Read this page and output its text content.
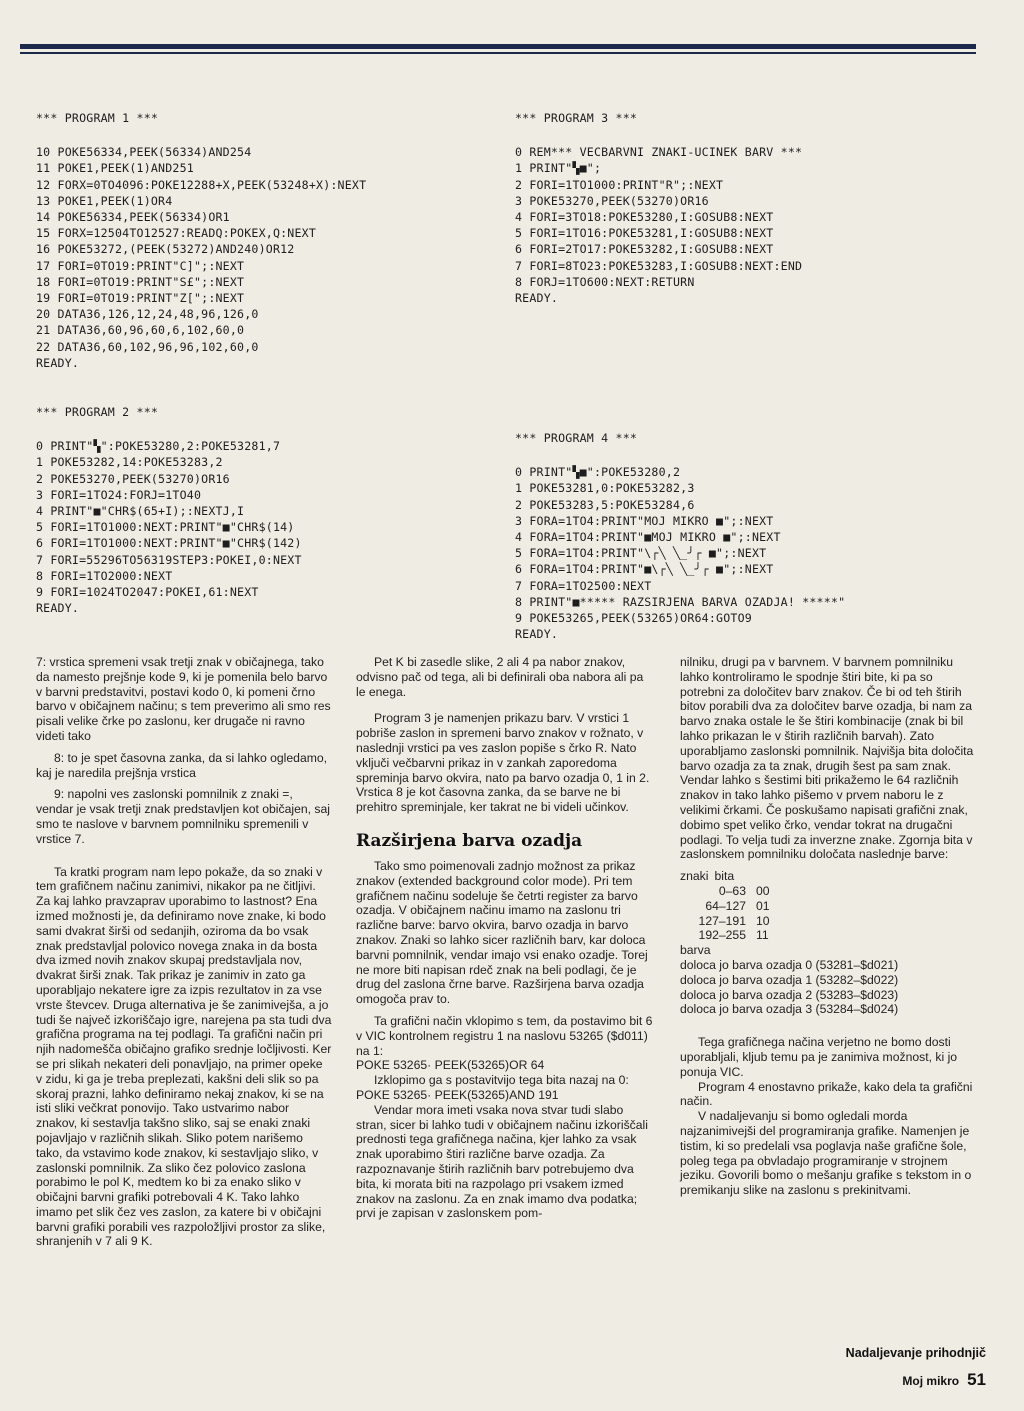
*** PROGRAM 1 ***
10 POKE56334,PEEK(56334)AND254
11 POKE1,PEEK(1)AND251
12 FORX=0TO4096:POKE12288+X,PEEK(53248+X):NEXT
13 POKE1,PEEK(1)OR4
14 POKE56334,PEEK(56334)OR1
15 FORX=12504TO12527:READQ:POKEX,Q:NEXT
16 POKE53272,(PEEK(53272)AND240)OR12
17 FORI=0TO19:PRINT"C]";:NEXT
18 FORI=0TO19:PRINT"S£";:NEXT
19 FORI=0TO19:PRINT"Z[";:NEXT
20 DATA36,126,12,24,48,96,126,0
21 DATA36,60,96,60,6,102,60,0
22 DATA36,60,102,96,96,102,60,0
READY.
*** PROGRAM 2 ***
0 PRINT"▚":POKE53280,2:POKE53281,7
1 POKE53282,14:POKE53283,2
2 POKE53270,PEEK(53270)OR16
3 FORI=1TO24:FORJ=1TO40
4 PRINT"■"CHR$(65+I);:NEXTJ,I
5 FORI=1TO1000:NEXT:PRINT"■"CHR$(14)
6 FORI=1TO1000:NEXT:PRINT"■"CHR$(142)
7 FORI=55296TO56319STEP3:POKEI,0:NEXT
8 FORI=1TO2000:NEXT
9 FORI=1024TO2047:POKEI,61:NEXT
READY.
*** PROGRAM 3 ***
0 REM*** VECBARVNI ZNAKI-UCINEK BARV ***
1 PRINT"▚■";
2 FORI=1TO1000:PRINT"R";:NEXT
3 POKE53270,PEEK(53270)OR16
4 FORI=3TO18:POKE53280,I:GOSUB8:NEXT
5 FORI=1TO16:POKE53281,I:GOSUB8:NEXT
6 FORI=2TO17:POKE53282,I:GOSUB8:NEXT
7 FORI=8TO23:POKE53283,I:GOSUB8:NEXT:END
8 FORJ=1TO600:NEXT:RETURN
READY.
*** PROGRAM 4 ***
0 PRINT"▚■":POKE53280,2
1 POKE53281,0:POKE53282,3
2 POKE53283,5:POKE53284,6
3 FORA=1TO4:PRINT"MOJ MIKRO ■";:NEXT
4 FORA=1TO4:PRINT"■MOJ MIKRO ■";:NEXT
5 FORA=1TO4:PRINT"\┌╲ ╲_╯┌ ■";:NEXT
6 FORA=1TO4:PRINT"■\┌╲ ╲_╯┌ ■";:NEXT
7 FORA=1TO2500:NEXT
8 PRINT"■***** RAZSIRJENA BARVA OZADJA! *****"
9 POKE53265,PEEK(53265)OR64:GOTO9
READY.

7: vrstica spremeni vsak tretji znak v običajnega, tako da namesto prejšnje kode 9, ki je pomenila belo barvo v barvni predstavitvi, postavi kodo 0, ki pomeni črno barvo v običajnem načinu; s tem preverimo ali smo res pisali velike črke po zaslonu, ker drugače ni ravno videti tako

8: to je spet časovna zanka, da si lahko ogledamo, kaj je naredila prejšnja vrstica

9: napolni ves zaslonski pomnilnik z znaki =, vendar je vsak tretji znak predstavljen kot običajen, saj smo te naslove v barvnem pomnilniku spremenili v vrstice 7.

Ta kratki program nam lepo pokaže, da so znaki v tem grafičnem načinu zanimivi, nikakor pa ne čitljivi. Za kaj lahko pravzaprav uporabimo to lastnost? Ena izmed možnosti je, da definiramo nove znake, ki bodo sami dvakrat širši od sedanjih, oziroma da bo vsak znak predstavljal polovico novega znaka in da bosta dva izmed novih znakov skupaj predstavljala nov, dvakrat širši znak. Tak prikaz je zanimiv in zato ga uporabljajo nekatere igre za izpis rezultatov in za vse vrste števcev. Druga alternativa je še zanimivejša, a jo tudi še največ izkoriščajo igre, narejena pa sta tudi dva grafična programa na tej podlagi. Ta grafični način pri njih nadomešča običajno grafiko srednje ločljivosti. Ker se pri slikah nekateri deli ponavljajo, na primer opeke v zidu, ki ga je treba preplezati, kakšni deli slik so pa skoraj prazni, lahko definiramo nekaj znakov, ki se na isti sliki večkrat ponovijo. Tako ustvarimo nabor znakov, ki sestavlja takšno sliko, saj se enaki znaki pojavljajo v različnih slikah. Sliko potem narišemo tako, da vstavimo kode znakov, ki sestavljajo sliko, v zaslonski pomnilnik. Za sliko čez polovico zaslona porabimo le pol K, medtem ko bi za enako sliko v običajni barvni grafiki potrebovali 4 K. Tako lahko imamo pet slik čez ves zaslon, za katere bi v običajni barvni grafiki porabili ves razpoložljivi prostor za slike, shranjenih v 7 ali 9 K.

Pet K bi zasedle slike, 2 ali 4 pa nabor znakov, odvisno pač od tega, ali bi definirali oba nabora ali pa le enega.

Program 3 je namenjen prikazu barv. V vrstici 1 pobriše zaslon in spremeni barvo znakov v rožnato, v naslednji vrstici pa ves zaslon popiše s črko R. Nato vključi večbarvni prikaz in v zankah zaporedoma spreminja barvo okvira, nato pa barvo ozadja 0, 1 in 2. Vrstica 8 je kot časovna zanka, da se barve ne bi prehitro spreminjale, ker takrat ne bi videli učinkov.

Razširjena barva ozadja

Tako smo poimenovali zadnjo možnost za prikaz znakov (extended background color mode). Pri tem grafičnem načinu sodeluje še četrti register za barvo ozadja. V običajnem načinu imamo na zaslonu tri različne barve: barvo okvira, barvo ozadja in barvo znakov. Znaki so lahko sicer različnih barv, kar doloca barvni pomnilnik, vendar imajo vsi enako ozadje. Torej ne more biti napisan rdeč znak na beli podlagi, če je drug del zaslona črne barve. Razširjena barva ozadja omogoča prav to.

Ta grafični način vklopimo s tem, da postavimo bit 6 v VIC kontrolnem registru 1 na naslovu 53265 ($d011) na 1:

POKE 53265· PEEK(53265)OR 64

Izklopimo ga s postavitvijo tega bita nazaj na 0:

POKE 53265· PEEK(53265)AND 191

Vendar mora imeti vsaka nova stvar tudi slabo stran, sicer bi lahko tudi v običajnem načinu izkoriščali prednosti tega grafičnega načina, kjer lahko za vsak znak uporabimo štiri različne barve ozadja. Za razpoznavanje štirih različnih barv potrebujemo dva bita, ki morata biti na razpolago pri vsakem izmed znakov na zaslonu. Za en znak imamo dva podatka; prvi je zapisan v zaslonskem pom-

nilniku, drugi pa v barvnem. V barvnem pomnilniku lahko kontroliramo le spodnje štiri bite, ki pa so potrebni za določitev barv znakov. Če bi od teh štirih bitov porabili dva za določitev barve ozadja, bi nam za barvo znaka ostale le še štiri kombinacije (znak bi bil lahko prikazan le v štirih različnih barvah). Zato uporabljamo zaslonski pomnilnik. Najvišja bita določita barvo ozadja za ta znak, drugih šest pa sam znak. Vendar lahko s šestimi biti prikažemo le 64 različnih znakov in tako lahko pišemo v prvem naboru le z velikimi črkami. Če poskušamo napisati grafični znak, dobimo spet veliko črko, vendar tokrat na drugačni podlagi. To velja tudi za inverzne znake. Zgornja bita v zaslonskem pomnilniku določata naslednje barve:

znaki bita
0–63 00
64–127 01
127–191 10
192–255 11
barva
doloca jo barva ozadja 0 (53281–$d021)
doloca jo barva ozadja 1 (53282–$d022)
doloca jo barva ozadja 2 (53283–$d023)
doloca jo barva ozadja 3 (53284–$d024)

Tega grafičnega načina verjetno ne bomo dosti uporabljali, kljub temu pa je zanimiva možnost, ki jo ponuja VIC.

Program 4 enostavno prikaže, kako dela ta grafični način.

V nadaljevanju si bomo ogledali morda najzanimivejši del programiranja grafike. Namenjen je tistim, ki so predelali vsa poglavja naše grafične šole, poleg tega pa obvladajo programiranje v strojnem jeziku. Govorili bomo o mešanju grafike s tekstom in o premikanju slike na zaslonu s prekinitvami.

Nadaljevanje prihodnjič
Moj mikro 51
